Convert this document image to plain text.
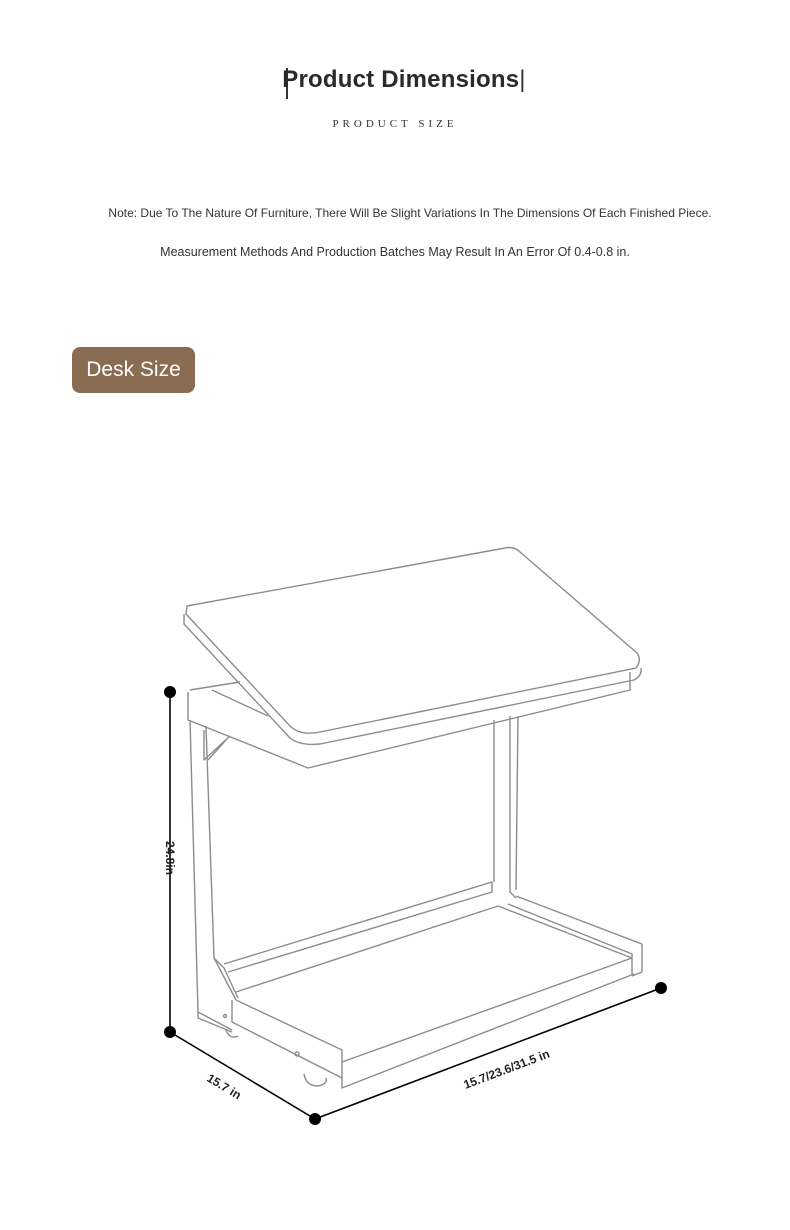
Product Dimensions|
PRODUCT SIZE
Note: Due To The Nature Of Furniture, There Will Be Slight Variations In The Dimensions Of Each Finished Piece.
Measurement Methods And Production Batches May Result In An Error Of 0.4-0.8 in.
Desk Size
24.8in
15.7 in	15.7/23.6/31.5 in
